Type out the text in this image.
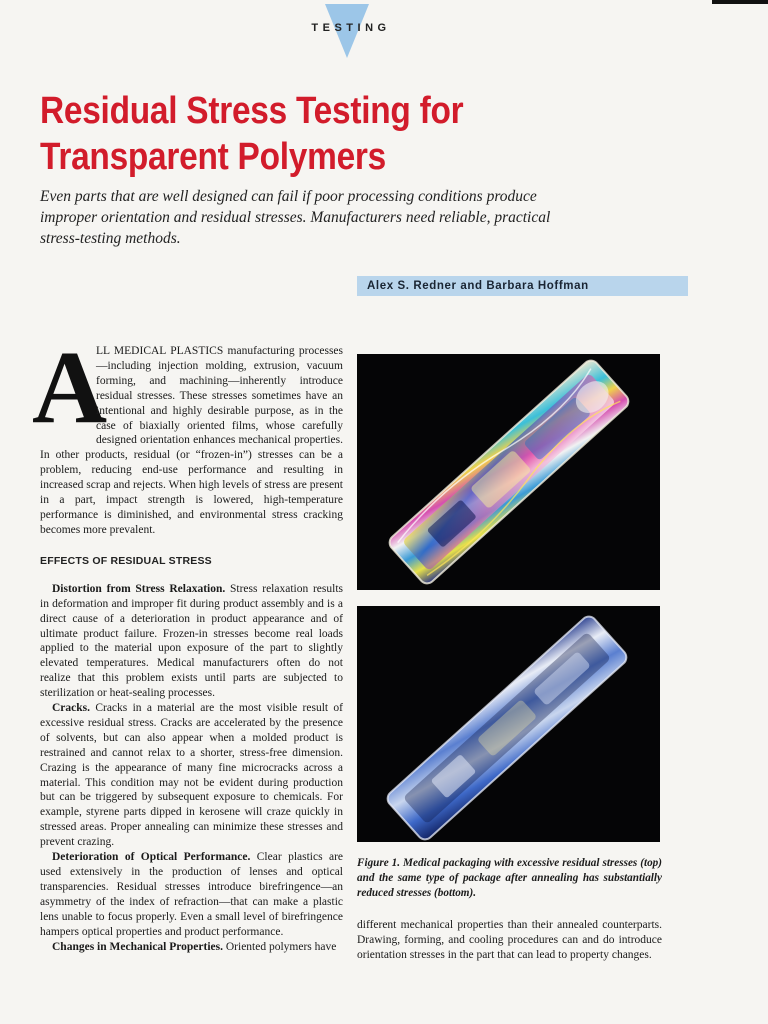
TESTING
Residual Stress Testing for Transparent Polymers

Even parts that are well designed can fail if poor processing conditions produce improper orientation and residual stresses. Manufacturers need reliable, practical stress-testing methods.

Alex S. Redner and Barbara Hoffman

A
LL MEDICAL PLASTICS manufacturing processes—including injection molding, extrusion, vacuum forming, and machining—inherently introduce residual stresses. These stresses sometimes have an intentional and highly desirable purpose, as in the case of biaxially oriented films, whose carefully designed orientation enhances mechanical properties. In other products, residual (or “frozen-in”) stresses can be a problem, reducing end-use performance and resulting in increased scrap and rejects. When high levels of stress are present in a part, impact strength is lowered, high-temperature performance is diminished, and environmental stress cracking becomes more prevalent.

EFFECTS OF RESIDUAL STRESS

Distortion from Stress Relaxation. Stress relaxation results in deformation and improper fit during product assembly and is a direct cause of a deterioration in product appearance and of ultimate product failure. Frozen-in stresses become real loads applied to the material upon exposure of the part to slightly elevated temperatures. Medical manufacturers often do not realize that this problem exists until parts are subjected to sterilization or heat-sealing processes.

Cracks. Cracks in a material are the most visible result of excessive residual stress. Cracks are accelerated by the presence of solvents, but can also appear when a molded product is restrained and cannot relax to a shorter, stress-free dimension. Crazing is the appearance of many fine microcracks across a material. This condition may not be evident during production but can be triggered by subsequent exposure to chemicals. For example, styrene parts dipped in kerosene will craze quickly in stressed areas. Proper annealing can minimize these stresses and prevent crazing.

Deterioration of Optical Performance. Clear plastics are used extensively in the production of lenses and optical transparencies. Residual stresses introduce birefringence—an asymmetry of the index of refraction—that can make a plastic lens unable to focus properly. Even a small level of birefringence hampers optical properties and product performance.

Changes in Mechanical Properties. Oriented polymers have

Figure 1. Medical packaging with excessive residual stresses (top) and the same type of package after annealing has substantially reduced stresses (bottom).

different mechanical properties than their annealed counterparts. Drawing, forming, and cooling procedures can and do introduce orientation stresses in the part that can lead to property changes.
